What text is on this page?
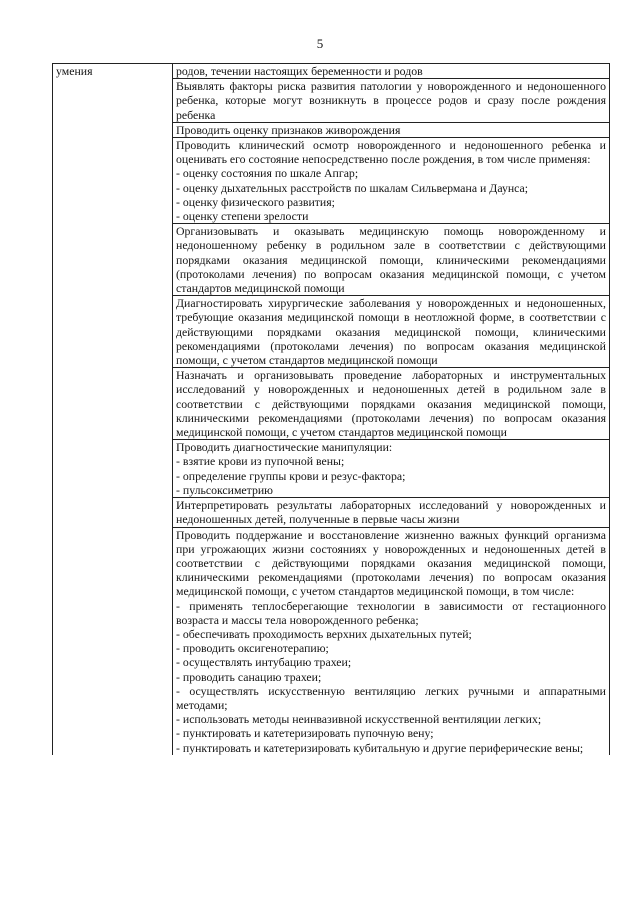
5
умения	родов, течении настоящих беременности и родов

Выявлять факторы риска развития патологии у новорожденного и недоношенного ребенка, которые могут возникнуть в процессе родов и сразу после рождения ребенка

Проводить оценку признаков живорождения

Проводить клинический осмотр новорожденного и недоношенного ребенка и оценивать его состояние непосредственно после рождения, в том числе применяя:
- оценку состояния по шкале Апгар;
- оценку дыхательных расстройств по шкалам Сильвермана и Даунса;
- оценку физического развития;
- оценку степени зрелости

Организовывать и оказывать медицинскую помощь новорожденному и недоношенному ребенку в родильном зале в соответствии с действующими порядками оказания медицинской помощи, клиническими рекомендациями (протоколами лечения) по вопросам оказания медицинской помощи, с учетом стандартов медицинской помощи

Диагностировать хирургические заболевания у новорожденных и недоношенных, требующие оказания медицинской помощи в неотложной форме, в соответствии с действующими порядками оказания медицинской помощи, клиническими рекомендациями (протоколами лечения) по вопросам оказания медицинской помощи, с учетом стандартов медицинской помощи

Назначать и организовывать проведение лабораторных и инструментальных исследований у новорожденных и недоношенных детей в родильном зале в соответствии с действующими порядками оказания медицинской помощи, клиническими рекомендациями (протоколами лечения) по вопросам оказания медицинской помощи, с учетом стандартов медицинской помощи

Проводить диагностические манипуляции:
- взятие крови из пупочной вены;
- определение группы крови и резус-фактора;
- пульсоксиметрию

Интерпретировать результаты лабораторных исследований у новорожденных и недоношенных детей, полученные в первые часы жизни

Проводить поддержание и восстановление жизненно важных функций организма при угрожающих жизни состояниях у новорожденных и недоношенных детей в соответствии с действующими порядками оказания медицинской помощи, клиническими рекомендациями (протоколами лечения) по вопросам оказания медицинской помощи, с учетом стандартов медицинской помощи, в том числе:
- применять теплосберегающие технологии в зависимости от гестационного возраста и массы тела новорожденного ребенка;
- обеспечивать проходимость верхних дыхательных путей;
- проводить оксигенотерапию;
- осуществлять интубацию трахеи;
- проводить санацию трахеи;
- осуществлять искусственную вентиляцию легких ручными и аппаратными методами;
- использовать методы неинвазивной искусственной вентиляции легких;
- пунктировать и катетеризировать пупочную вену;
- пунктировать и катетеризировать кубитальную и другие периферические вены;
